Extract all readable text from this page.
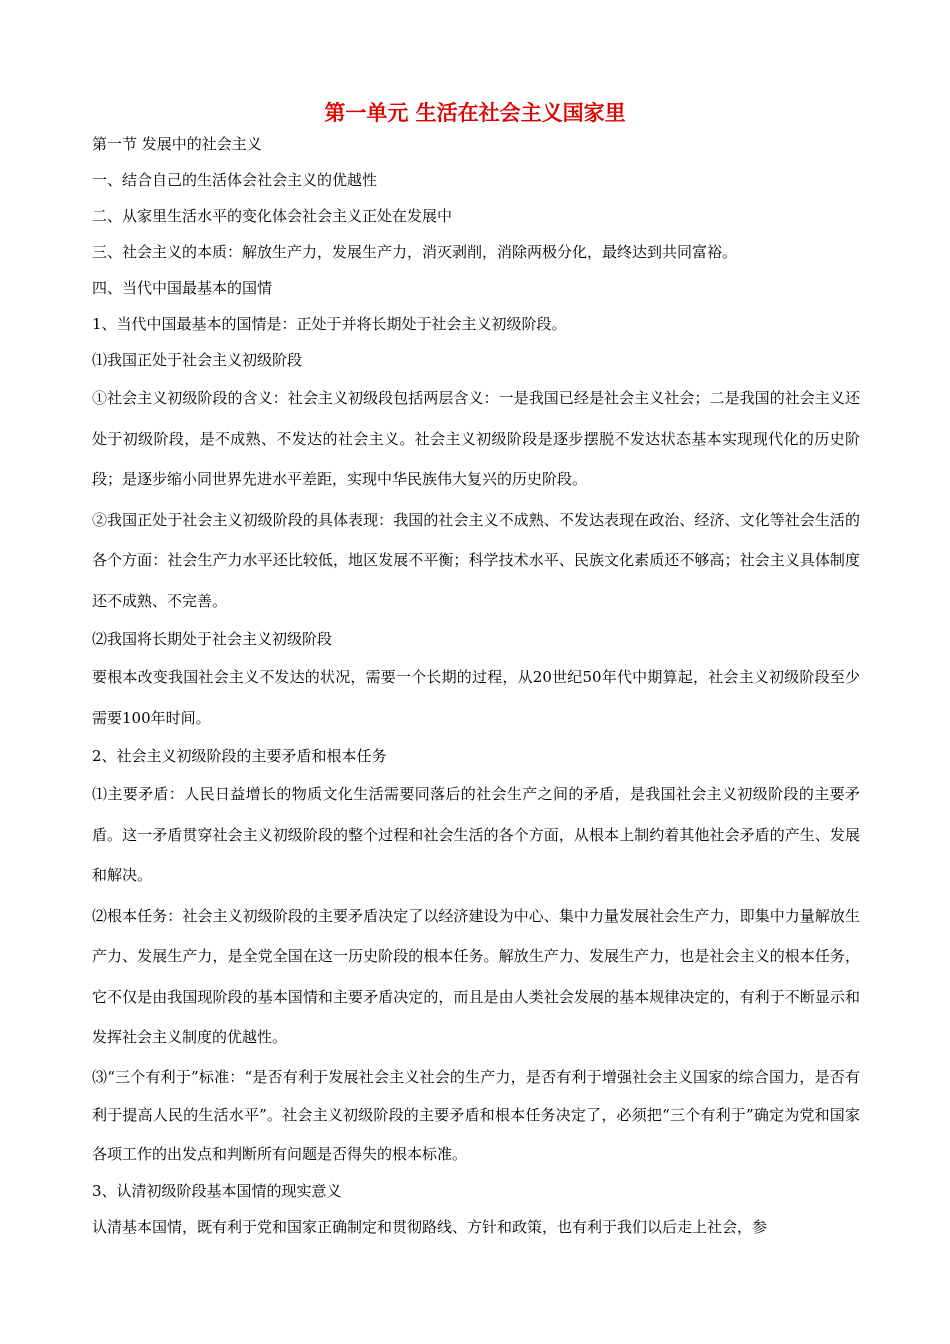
第一单元 生活在社会主义国家里

第一节 发展中的社会主义

一、结合自己的生活体会社会主义的优越性

二、从家里生活水平的变化体会社会主义正处在发展中

三、社会主义的本质：解放生产力，发展生产力，消灭剥削，消除两极分化，最终达到共同富裕。

四、当代中国最基本的国情

1、当代中国最基本的国情是：正处于并将长期处于社会主义初级阶段。

⑴我国正处于社会主义初级阶段

①社会主义初级阶段的含义：社会主义初级段包括两层含义：一是我国已经是社会主义社会；二是我国的社会主义还处于初级阶段，是不成熟、不发达的社会主义。社会主义初级阶段是逐步摆脱不发达状态基本实现现代化的历史阶段；是逐步缩小同世界先进水平差距，实现中华民族伟大复兴的历史阶段。

②我国正处于社会主义初级阶段的具体表现：我国的社会主义不成熟、不发达表现在政治、经济、文化等社会生活的各个方面：社会生产力水平还比较低，地区发展不平衡；科学技术水平、民族文化素质还不够高；社会主义具体制度还不成熟、不完善。

⑵我国将长期处于社会主义初级阶段

要根本改变我国社会主义不发达的状况，需要一个长期的过程，从20世纪50年代中期算起，社会主义初级阶段至少需要100年时间。

2、社会主义初级阶段的主要矛盾和根本任务

⑴主要矛盾：人民日益增长的物质文化生活需要同落后的社会生产之间的矛盾，是我国社会主义初级阶段的主要矛盾。这一矛盾贯穿社会主义初级阶段的整个过程和社会生活的各个方面，从根本上制约着其他社会矛盾的产生、发展和解决。

⑵根本任务：社会主义初级阶段的主要矛盾决定了以经济建设为中心、集中力量发展社会生产力，即集中力量解放生产力、发展生产力，是全党全国在这一历史阶段的根本任务。解放生产力、发展生产力，也是社会主义的根本任务，它不仅是由我国现阶段的基本国情和主要矛盾决定的，而且是由人类社会发展的基本规律决定的，有利于不断显示和发挥社会主义制度的优越性。

⑶“三个有利于”标准：“是否有利于发展社会主义社会的生产力，是否有利于增强社会主义国家的综合国力，是否有利于提高人民的生活水平”。社会主义初级阶段的主要矛盾和根本任务决定了，必须把“三个有利于”确定为党和国家各项工作的出发点和判断所有问题是否得失的根本标准。

3、认清初级阶段基本国情的现实意义

认清基本国情，既有利于党和国家正确制定和贯彻路线、方针和政策，也有利于我们以后走上社会，参
